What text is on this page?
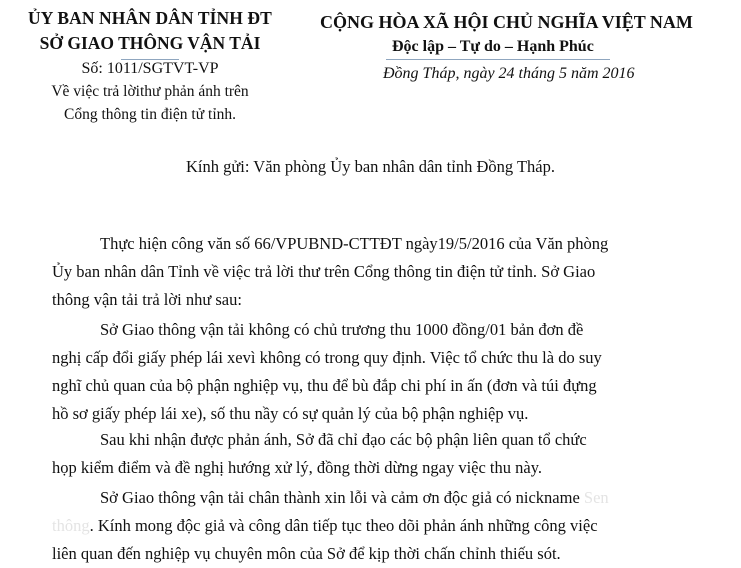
ỦY BAN NHÂN DÂN TỈNH ĐT
SỞ GIAO THÔNG VẬN TẢI
Số: 1011/SGTVT-VP
Về việc trả lờithư phản ánh trên
Cổng thông tin điện tử tỉnh.
CỘNG HÒA XÃ HỘI CHỦ NGHĨA VIỆT NAM
Độc lập – Tự do – Hạnh Phúc
Đồng Tháp, ngày 24 tháng 5 năm 2016
Kính gửi: Văn phòng Ủy ban nhân dân tỉnh Đồng Tháp.
Thực hiện công văn số 66/VPUBND-CTTĐT ngày19/5/2016 của Văn phòng
Ủy ban nhân dân Tỉnh về việc trả lời thư trên Cổng thông tin điện tử tỉnh. Sở Giao
thông vận tải trả lời như sau:
Sở Giao thông vận tải không có chủ trương thu 1000 đồng/01 bản đơn đề
nghị cấp đổi giấy phép lái xevì không có trong quy định. Việc tổ chức thu là do suy
nghĩ chủ quan của bộ phận nghiệp vụ, thu để bù đắp chi phí in ấn (đơn và túi đựng
hồ sơ giấy phép lái xe), số thu nầy có sự quản lý của bộ phận nghiệp vụ.
Sau khi nhận được phản ánh, Sở đã chỉ đạo các bộ phận liên quan tổ chức
họp kiểm điểm và đề nghị hướng xử lý, đồng thời dừng ngay việc thu này.
Sở Giao thông vận tải chân thành xin lỗi và cảm ơn độc giả có nickname Sen
thông. Kính mong độc giả và công dân tiếp tục theo dõi phản ánh những công việc
liên quan đến nghiệp vụ chuyên môn của Sở để kịp thời chấn chỉnh thiếu sót.
